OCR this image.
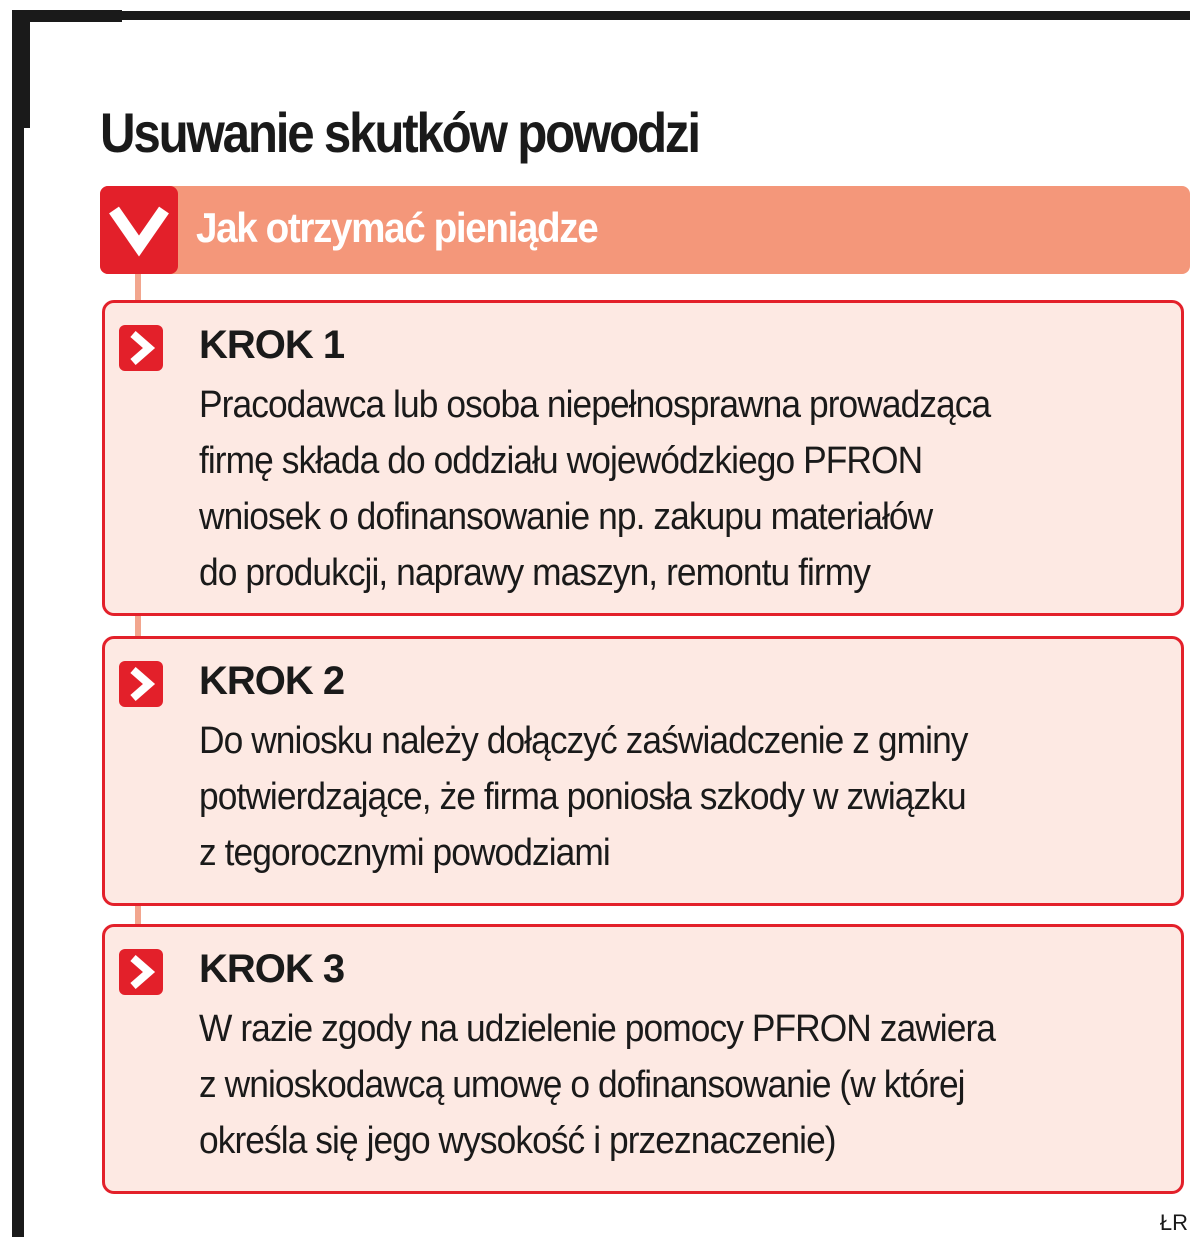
Usuwanie skutków powodzi
Jak otrzymać pieniądze
KROK 1
Pracodawca lub osoba niepełnosprawna prowadząca
firmę składa do oddziału wojewódzkiego PFRON
wniosek o dofinansowanie np. zakupu materiałów
do produkcji, naprawy maszyn, remontu firmy
KROK 2
Do wniosku należy dołączyć zaświadczenie z gminy
potwierdzające, że firma poniosła szkody w związku
z tegorocznymi powodziami
KROK 3
W razie zgody na udzielenie pomocy PFRON zawiera
z wnioskodawcą umowę o dofinansowanie (w której
określa się jego wysokość i przeznaczenie)
ŁR
